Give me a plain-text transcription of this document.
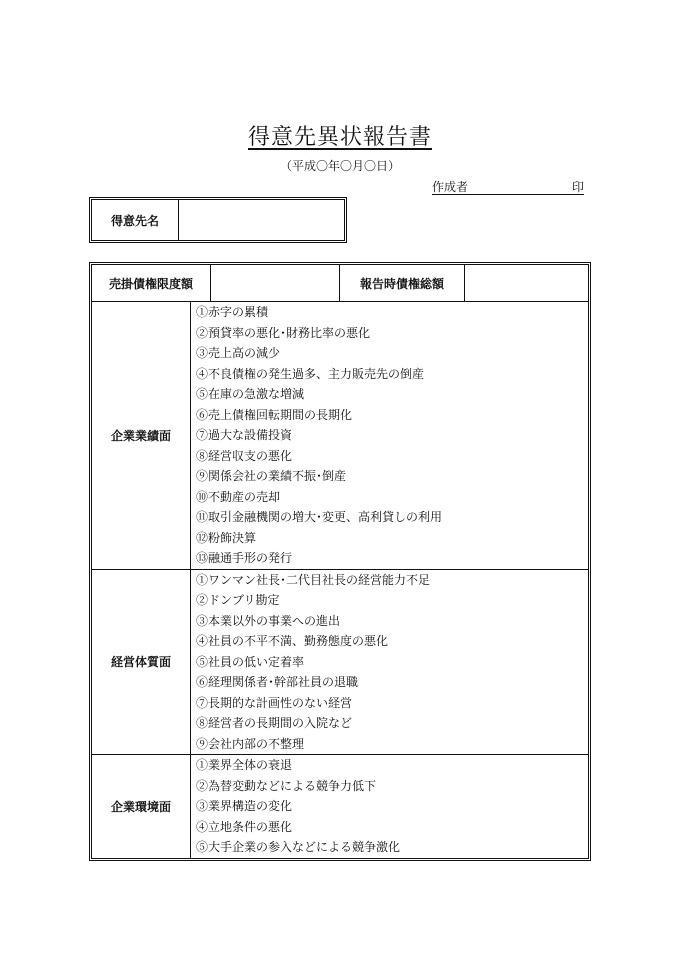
得意先異状報告書
（平成〇年〇月〇日）
作成者	印
得意先名
売掛債権限度額	報告時債権総額
企業業績面
①赤字の累積
②預貸率の悪化･財務比率の悪化
③売上高の減少
④不良債権の発生過多、主力販売先の倒産
⑤在庫の急激な増減
⑥売上債権回転期間の長期化
⑦過大な設備投資
⑧経営収支の悪化
⑨関係会社の業績不振･倒産
⑩不動産の売却
⑪取引金融機関の増大･変更、高利貸しの利用
⑫粉飾決算
⑬融通手形の発行
経営体質面
①ワンマン社長･二代目社長の経営能力不足
②ドンブリ勘定
③本業以外の事業への進出
④社員の不平不満、勤務態度の悪化
⑤社員の低い定着率
⑥経理関係者･幹部社員の退職
⑦長期的な計画性のない経営
⑧経営者の長期間の入院など
⑨会社内部の不整理
企業環境面
①業界全体の衰退
②為替変動などによる競争力低下
③業界構造の変化
④立地条件の悪化
⑤大手企業の参入などによる競争激化
